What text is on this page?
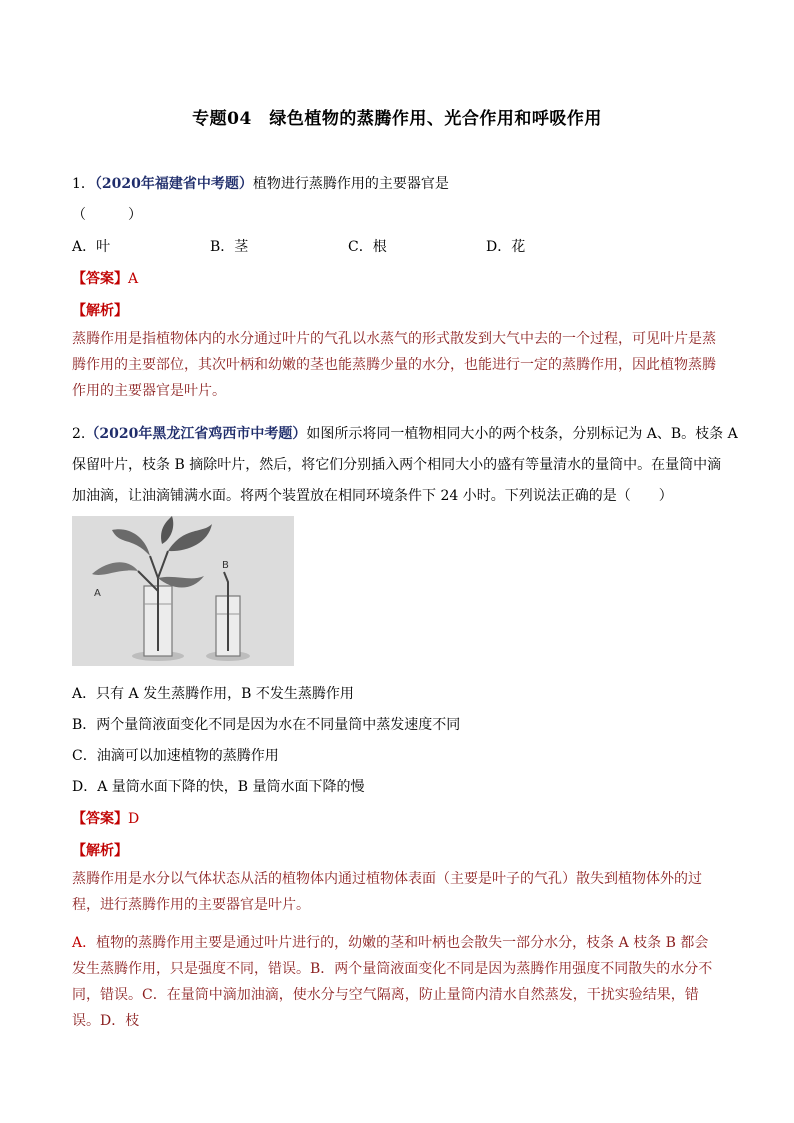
专题04　绿色植物的蒸腾作用、光合作用和呼吸作用
1．（2020年福建省中考题）植物进行蒸腾作用的主要器官是
（　　　）
A．叶	B．茎	C．根	D．花
【答案】A
【解析】
蒸腾作用是指植物体内的水分通过叶片的气孔以水蒸气的形式散发到大气中去的一个过程，可见叶片是蒸腾作用的主要部位，其次叶柄和幼嫩的茎也能蒸腾少量的水分，也能进行一定的蒸腾作用，因此植物蒸腾作用的主要器官是叶片。
2.（2020年黑龙江省鸡西市中考题）如图所示将同一植物相同大小的两个枝条，分别标记为 A、B。枝条 A
保留叶片，枝条 B 摘除叶片，然后，将它们分别插入两个相同大小的盛有等量清水的量筒中。在量筒中滴
加油滴，让油滴铺满水面。将两个装置放在相同环境条件下 24 小时。下列说法正确的是（　　）
A
B
A．只有 A 发生蒸腾作用，B 不发生蒸腾作用
B．两个量筒液面变化不同是因为水在不同量筒中蒸发速度不同
C．油滴可以加速植物的蒸腾作用
D．A 量筒水面下降的快，B 量筒水面下降的慢
【答案】D
【解析】
蒸腾作用是水分以气体状态从活的植物体内通过植物体表面（主要是叶子的气孔）散失到植物体外的过程，进行蒸腾作用的主要器官是叶片。
A．植物的蒸腾作用主要是通过叶片进行的，幼嫩的茎和叶柄也会散失一部分水分，枝条 A 枝条 B 都会发生蒸腾作用，只是强度不同，错误。B．两个量筒液面变化不同是因为蒸腾作用强度不同散失的水分不同，错误。C．在量筒中滴加油滴，使水分与空气隔离，防止量筒内清水自然蒸发，干扰实验结果，错误。D．枝
